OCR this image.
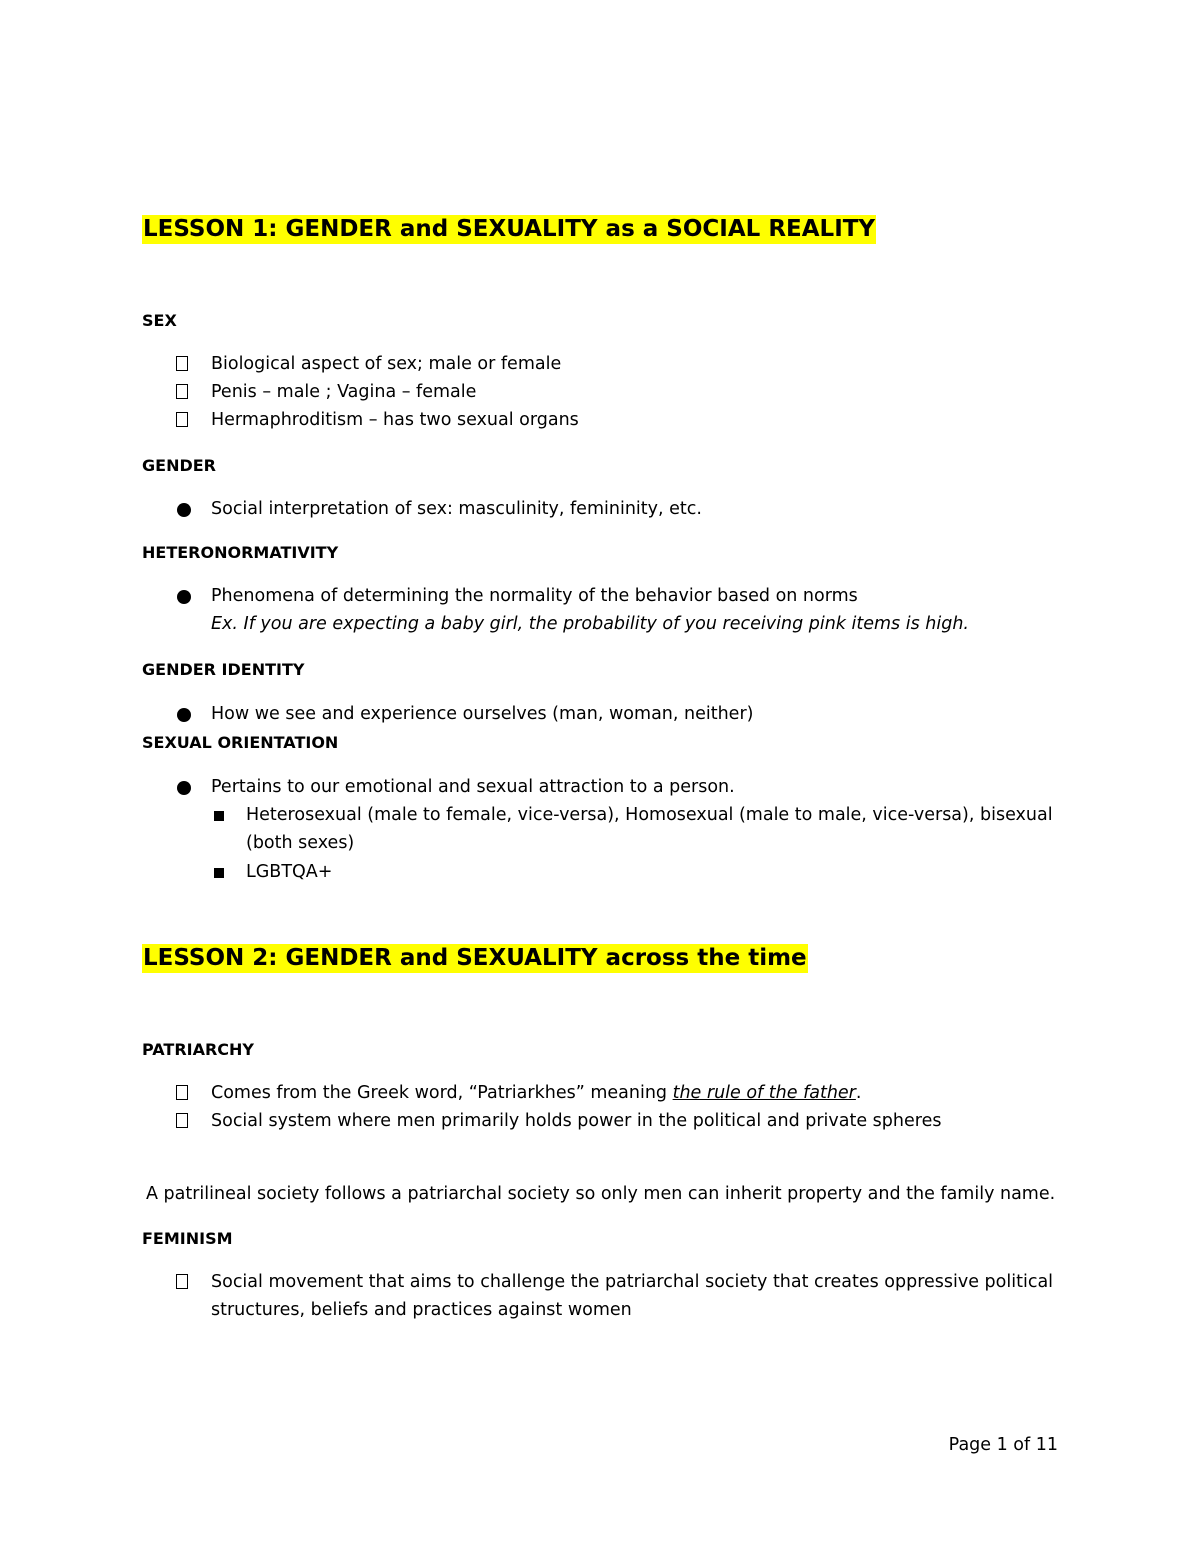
LESSON 1: GENDER and SEXUALITY as a SOCIAL REALITY
SEX
Biological aspect of sex; male or female
Penis – male ; Vagina – female
Hermaphroditism – has two sexual organs
GENDER
Social interpretation of sex: masculinity, femininity, etc.
HETERONORMATIVITY
Phenomena of determining the normality of the behavior based on norms
Ex. If you are expecting a baby girl, the probability of you receiving pink items is high.
GENDER IDENTITY
How we see and experience ourselves (man, woman, neither)
SEXUAL ORIENTATION
Pertains to our emotional and sexual attraction to a person.
Heterosexual (male to female, vice-versa), Homosexual (male to male, vice-versa), bisexual (both sexes)
LGBTQA+
LESSON 2: GENDER and SEXUALITY across the time
PATRIARCHY
Comes from the Greek word, “Patriarkhes” meaning the rule of the father.
Social system where men primarily holds power in the political and private spheres
A patrilineal society follows a patriarchal society so only men can inherit property and the family name.
FEMINISM
Social movement that aims to challenge the patriarchal society that creates oppressive political structures, beliefs and practices against women
Page 1 of 11
